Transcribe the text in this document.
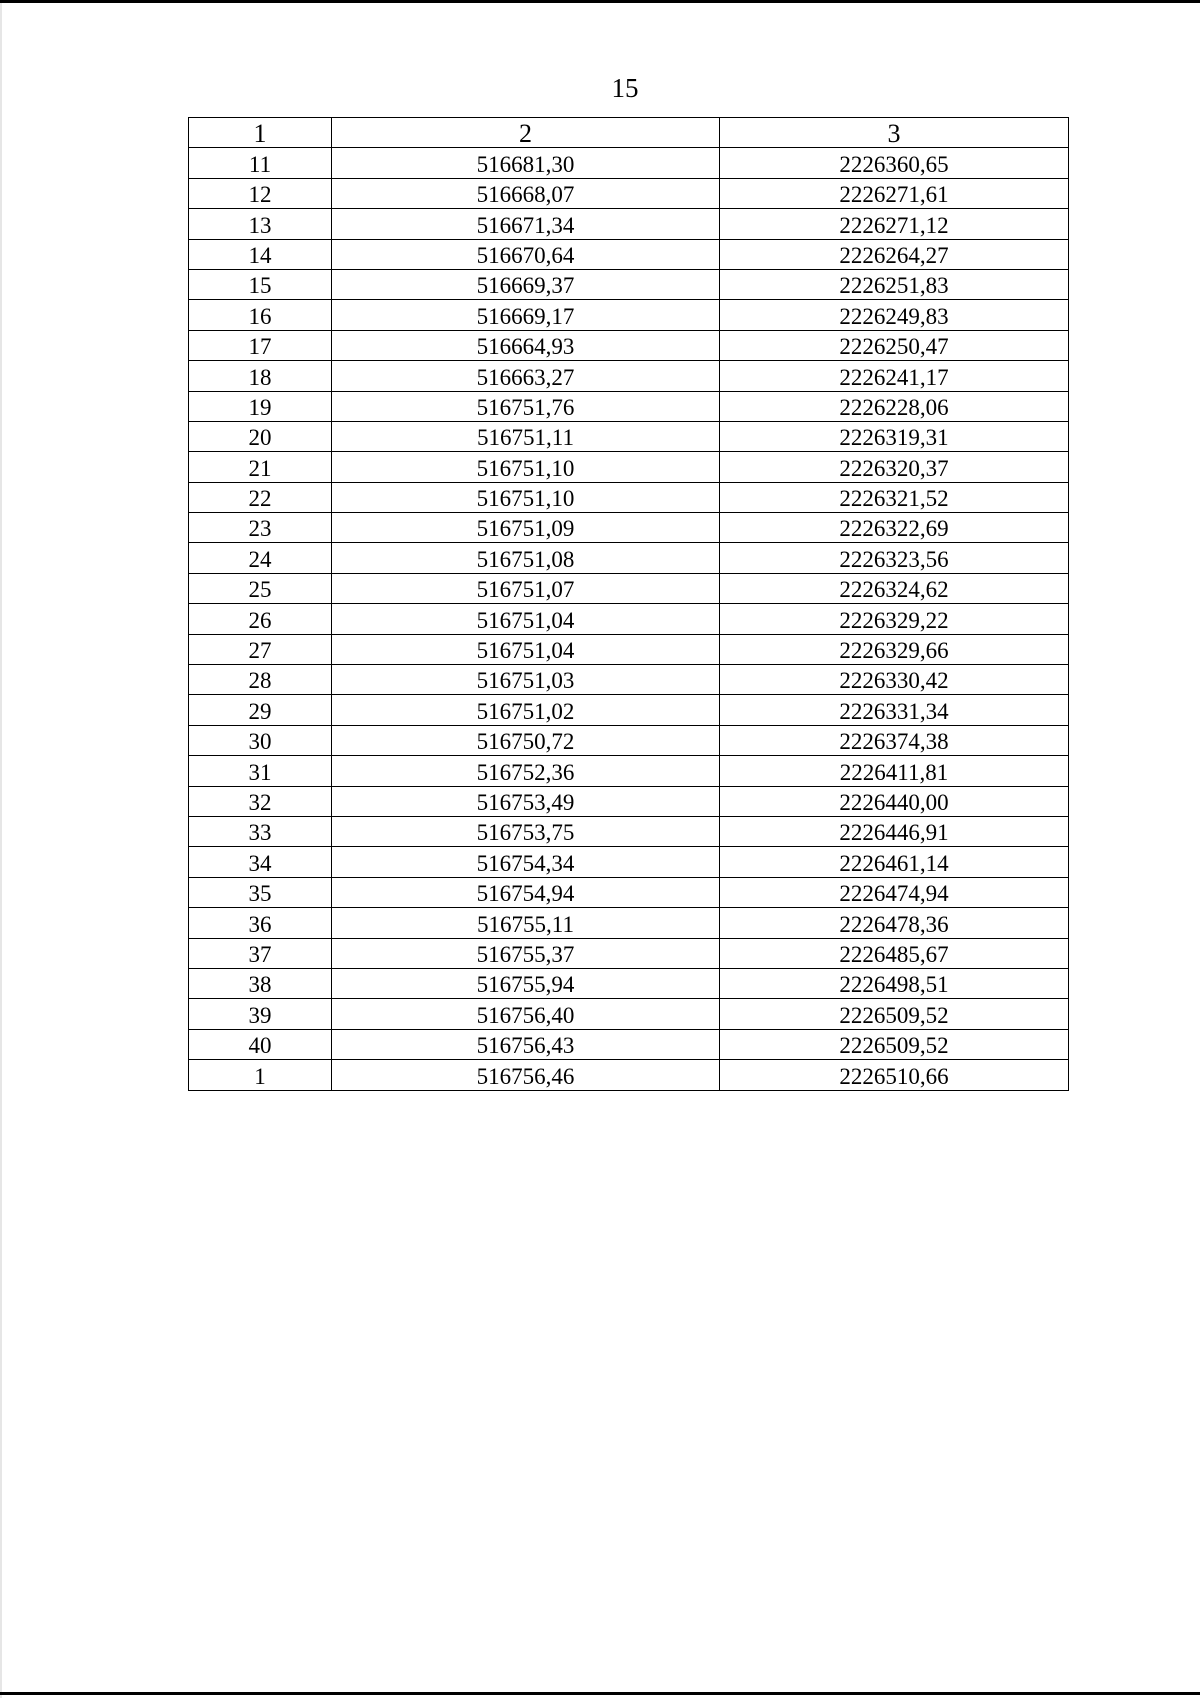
15
1	2	3
11	516681,30	2226360,65
12	516668,07	2226271,61
13	516671,34	2226271,12
14	516670,64	2226264,27
15	516669,37	2226251,83
16	516669,17	2226249,83
17	516664,93	2226250,47
18	516663,27	2226241,17
19	516751,76	2226228,06
20	516751,11	2226319,31
21	516751,10	2226320,37
22	516751,10	2226321,52
23	516751,09	2226322,69
24	516751,08	2226323,56
25	516751,07	2226324,62
26	516751,04	2226329,22
27	516751,04	2226329,66
28	516751,03	2226330,42
29	516751,02	2226331,34
30	516750,72	2226374,38
31	516752,36	2226411,81
32	516753,49	2226440,00
33	516753,75	2226446,91
34	516754,34	2226461,14
35	516754,94	2226474,94
36	516755,11	2226478,36
37	516755,37	2226485,67
38	516755,94	2226498,51
39	516756,40	2226509,52
40	516756,43	2226509,52
1	516756,46	2226510,66
